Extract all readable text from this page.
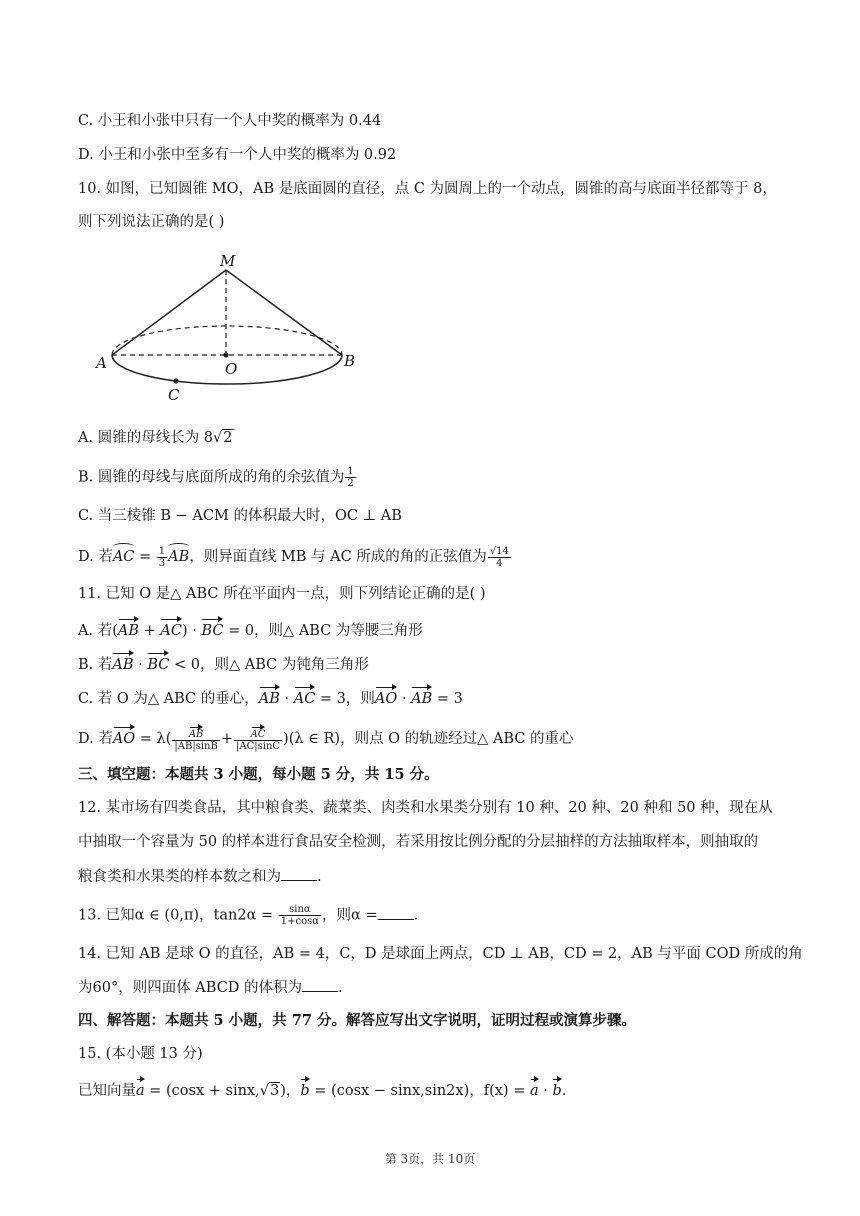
C. 小王和小张中只有一个人中奖的概率为 0.44
D. 小王和小张中至多有一个人中奖的概率为 0.92
10. 如图，已知圆锥 MO，AB 是底面圆的直径，点 C 为圆周上的一个动点，圆锥的高与底面半径都等于 8，
则下列说法正确的是( )
M
O
A	B
C
A. 圆锥的母线长为 8√2
B. 圆锥的母线与底面所成的角的余弦值为 $\frac{1}{2}$
C. 当三棱锥 B − ACM 的体积最大时，OC ⊥ AB
D. 若AC = $\frac{1}{3}$ AB，则异面直线 MB 与 AC 所成的角的正弦值为 $\frac{√14}{4}$
11. 已知 O 是△ ABC 所在平面内一点，则下列结论正确的是( )
A. 若(AB + AC) · BC = 0，则△ ABC 为等腰三角形
B. 若AB · BC < 0，则△ ABC 为钝角三角形
C. 若 O 为△ ABC 的垂心，AB · AC = 3，则AO · AB = 3
D. 若AO = $\lambda( \frac{AB}{|AB|\sin B} + \frac{AC}{|AC|\sin C} )(\lambda$ ∈ R)，则点 O 的轨迹经过△ ABC 的重心
三、填空题：本题共 3 小题，每小题 5 分，共 15 分。
12. 某市场有四类食品，其中粮食类、蔬菜类、肉类和水果类分别有 10 种、20 种、20 种和 50 种，现在从
中抽取一个容量为 50 的样本进行食品安全检测，若采用按比例分配的分层抽样的方法抽取样本，则抽取的
粮食类和水果类的样本数之和为 .
13. 已知α ∈ (0,π)，$\tan 2\alpha = \frac{\sin\alpha}{1+\cos\alpha}$ ，则α = .
14. 已知 AB 是球 O 的直径，AB = 4，C，D 是球面上两点，CD ⊥ AB，CD = 2，AB 与平面 COD 所成的角
为60°，则四面体 ABCD 的体积为 .
四、解答题：本题共 5 小题，共 77 分。解答应写出文字说明，证明过程或演算步骤。
15. (本小题 13 分)
已知向量a = (cosx + sinx,√3)，b = (cosx − sinx,sin2x)，f(x) = a · b.
第 3页，共 10页
